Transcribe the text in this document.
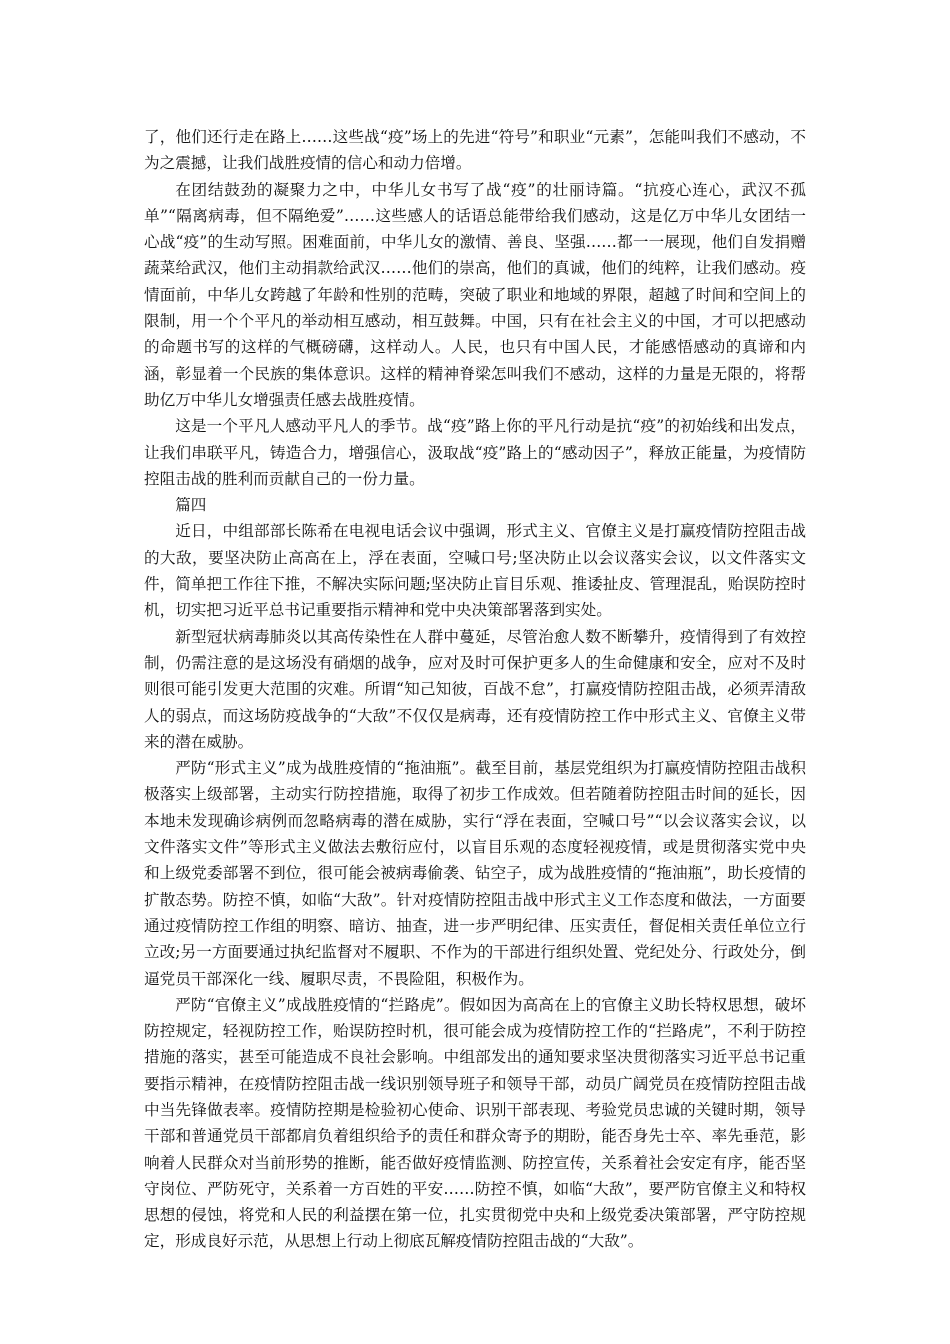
了，他们还行走在路上……这些战“疫”场上的先进“符号”和职业“元素”，怎能叫我们不感动，不为之震撼，让我们战胜疫情的信心和动力倍增。

在团结鼓劲的凝聚力之中，中华儿女书写了战“疫”的壮丽诗篇。“抗疫心连心，武汉不孤单”“隔离病毒，但不隔绝爱”……这些感人的话语总能带给我们感动，这是亿万中华儿女团结一心战“疫”的生动写照。困难面前，中华儿女的激情、善良、坚强……都一一展现，他们自发捐赠蔬菜给武汉，他们主动捐款给武汉……他们的崇高，他们的真诚，他们的纯粹，让我们感动。疫情面前，中华儿女跨越了年龄和性别的范畴，突破了职业和地域的界限，超越了时间和空间上的限制，用一个个平凡的举动相互感动，相互鼓舞。中国，只有在社会主义的中国，才可以把感动的命题书写的这样的气概磅礴，这样动人。人民，也只有中国人民，才能感悟感动的真谛和内涵，彰显着一个民族的集体意识。这样的精神脊梁怎叫我们不感动，这样的力量是无限的，将帮助亿万中华儿女增强责任感去战胜疫情。

这是一个平凡人感动平凡人的季节。战“疫”路上你的平凡行动是抗“疫”的初始线和出发点，让我们串联平凡，铸造合力，增强信心，汲取战“疫”路上的“感动因子”，释放正能量，为疫情防控阻击战的胜利而贡献自己的一份力量。

篇四

近日，中组部部长陈希在电视电话会议中强调，形式主义、官僚主义是打赢疫情防控阻击战的大敌，要坚决防止高高在上，浮在表面，空喊口号;坚决防止以会议落实会议，以文件落实文件，简单把工作往下推，不解决实际问题;坚决防止盲目乐观、推诿扯皮、管理混乱，贻误防控时机，切实把习近平总书记重要指示精神和党中央决策部署落到实处。

新型冠状病毒肺炎以其高传染性在人群中蔓延，尽管治愈人数不断攀升，疫情得到了有效控制，仍需注意的是这场没有硝烟的战争，应对及时可保护更多人的生命健康和安全，应对不及时则很可能引发更大范围的灾难。所谓“知己知彼，百战不怠”，打赢疫情防控阻击战，必须弄清敌人的弱点，而这场防疫战争的“大敌”不仅仅是病毒，还有疫情防控工作中形式主义、官僚主义带来的潜在威胁。

严防“形式主义”成为战胜疫情的“拖油瓶”。截至目前，基层党组织为打赢疫情防控阻击战积极落实上级部署，主动实行防控措施，取得了初步工作成效。但若随着防控阻击时间的延长，因本地未发现确诊病例而忽略病毒的潜在威胁，实行“浮在表面，空喊口号”“以会议落实会议，以文件落实文件”等形式主义做法去敷衍应付，以盲目乐观的态度轻视疫情，或是贯彻落实党中央和上级党委部署不到位，很可能会被病毒偷袭、钻空子，成为战胜疫情的“拖油瓶”，助长疫情的扩散态势。防控不慎，如临“大敌”。针对疫情防控阻击战中形式主义工作态度和做法，一方面要通过疫情防控工作组的明察、暗访、抽查，进一步严明纪律、压实责任，督促相关责任单位立行立改;另一方面要通过执纪监督对不履职、不作为的干部进行组织处置、党纪处分、行政处分，倒逼党员干部深化一线、履职尽责，不畏险阻，积极作为。

严防“官僚主义”成战胜疫情的“拦路虎”。假如因为高高在上的官僚主义助长特权思想，破坏防控规定，轻视防控工作，贻误防控时机，很可能会成为疫情防控工作的“拦路虎”，不利于防控措施的落实，甚至可能造成不良社会影响。中组部发出的通知要求坚决贯彻落实习近平总书记重要指示精神，在疫情防控阻击战一线识别领导班子和领导干部，动员广阔党员在疫情防控阻击战中当先锋做表率。疫情防控期是检验初心使命、识别干部表现、考验党员忠诚的关键时期，领导干部和普通党员干部都肩负着组织给予的责任和群众寄予的期盼，能否身先士卒、率先垂范，影响着人民群众对当前形势的推断，能否做好疫情监测、防控宣传，关系着社会安定有序，能否坚守岗位、严防死守，关系着一方百姓的平安……防控不慎，如临“大敌”，要严防官僚主义和特权思想的侵蚀，将党和人民的利益摆在第一位，扎实贯彻党中央和上级党委决策部署，严守防控规定，形成良好示范，从思想上行动上彻底瓦解疫情防控阻击战的“大敌”。
